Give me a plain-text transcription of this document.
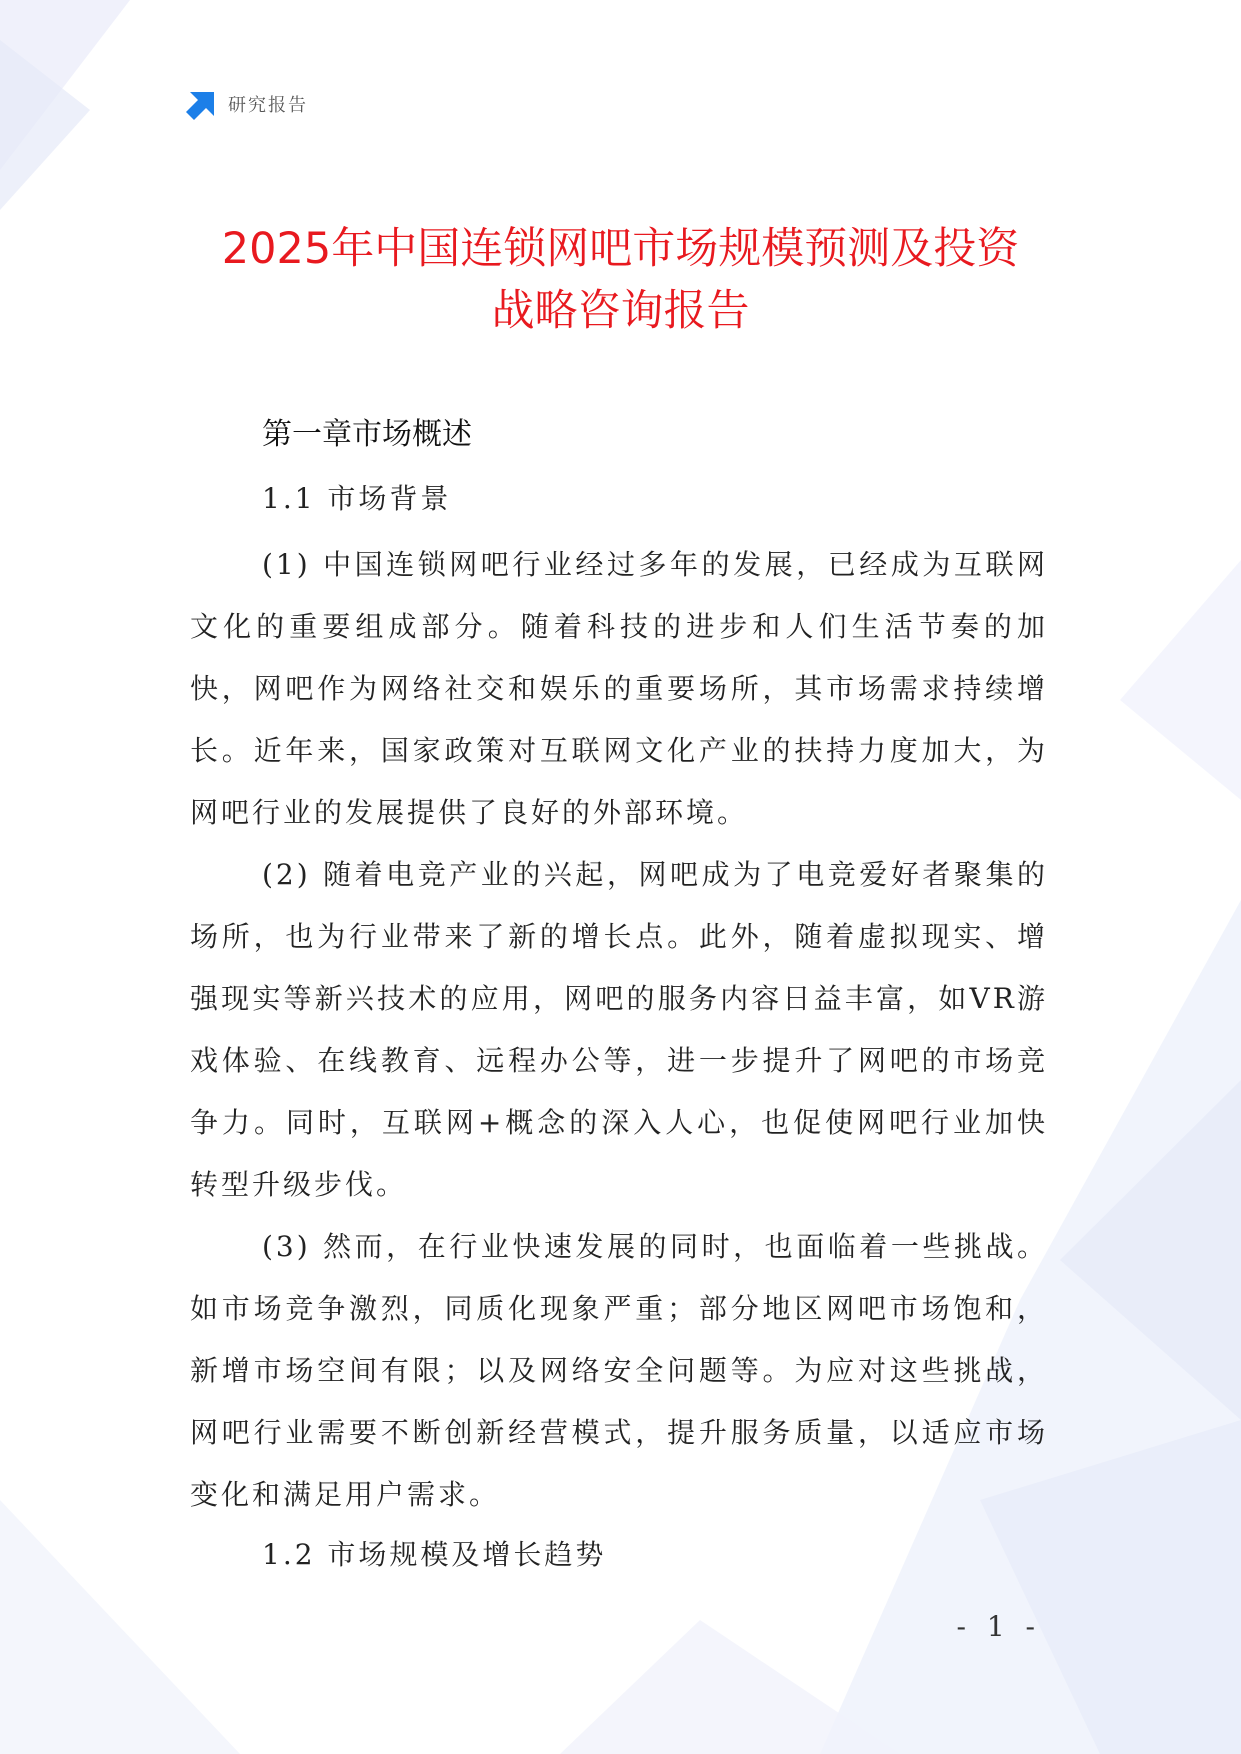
研究报告
2025年中国连锁网吧市场规模预测及投资
战略咨询报告
第一章市场概述
1.1 市场背景

(1) 中国连锁网吧行业经过多年的发展，已经成为互联网文化的重要组成部分。随着科技的进步和人们生活节奏的加快，网吧作为网络社交和娱乐的重要场所，其市场需求持续增长。近年来，国家政策对互联网文化产业的扶持力度加大，为网吧行业的发展提供了良好的外部环境。

(2) 随着电竞产业的兴起，网吧成为了电竞爱好者聚集的场所，也为行业带来了新的增长点。此外，随着虚拟现实、增强现实等新兴技术的应用，网吧的服务内容日益丰富，如VR游戏体验、在线教育、远程办公等，进一步提升了网吧的市场竞争力。同时，互联网+概念的深入人心，也促使网吧行业加快转型升级步伐。

(3) 然而，在行业快速发展的同时，也面临着一些挑战。如市场竞争激烈，同质化现象严重；部分地区网吧市场饱和，新增市场空间有限；以及网络安全问题等。为应对这些挑战，网吧行业需要不断创新经营模式，提升服务质量，以适应市场变化和满足用户需求。

1.2 市场规模及增长趋势
- 1 -
